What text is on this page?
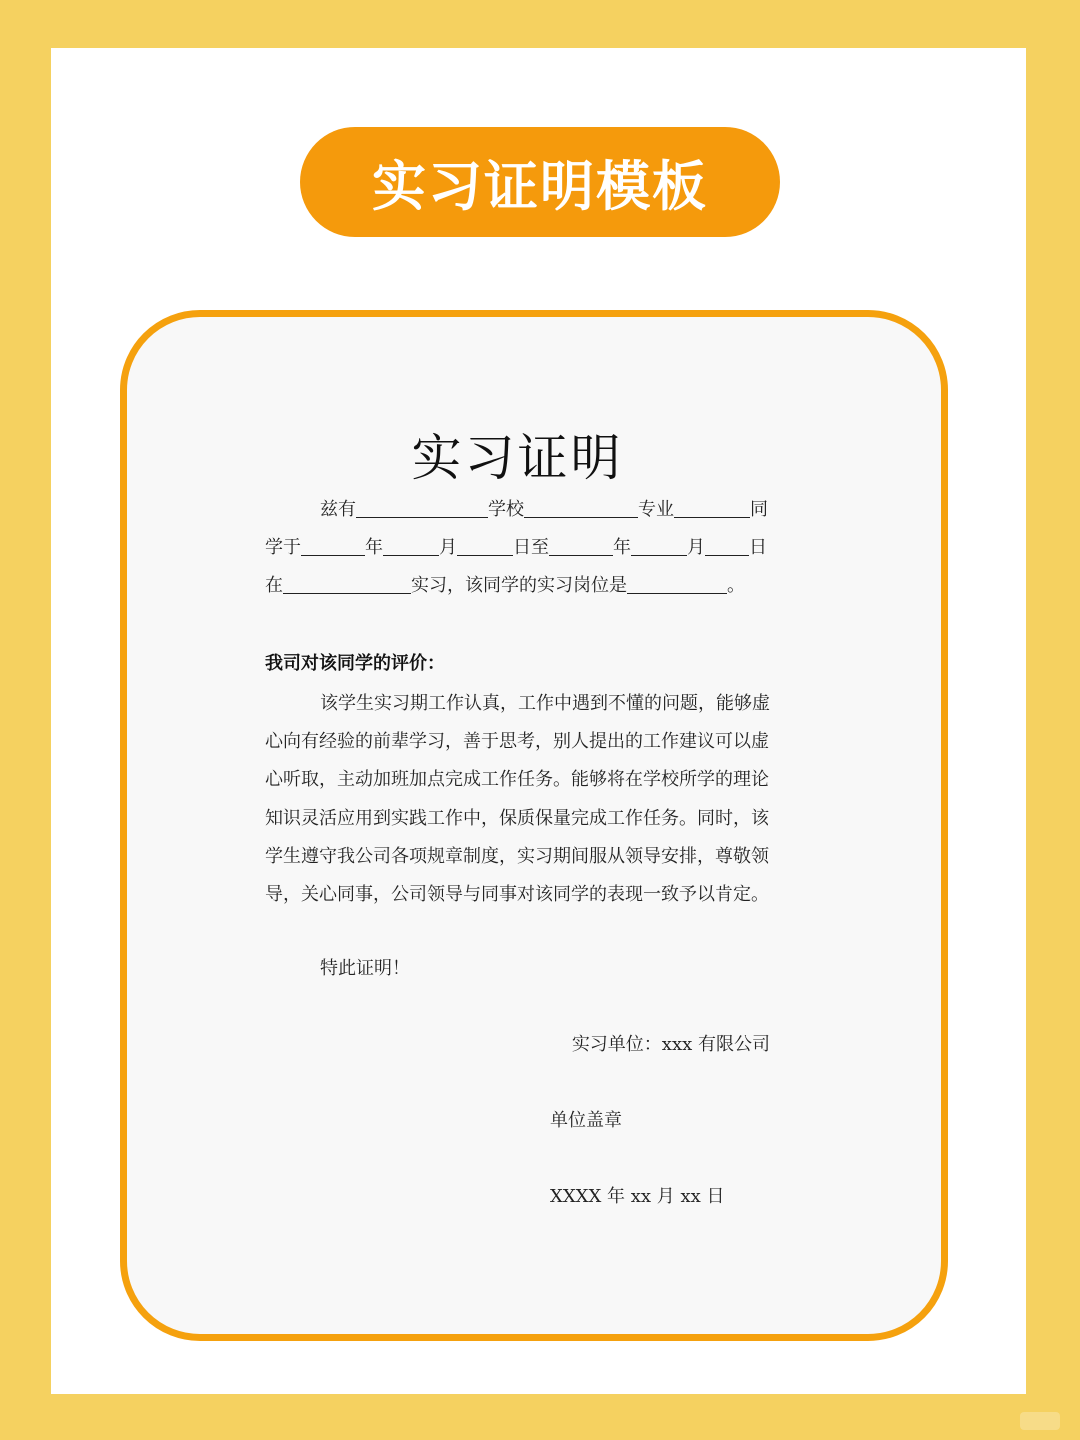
实习证明模板
实习证明
兹有	学校	专业	同
学于	年	月	日至	年	月 日
在	实习，该同学的实习岗位是	。
我司对该同学的评价：
该学生实习期工作认真，工作中遇到不懂的问题，能够虚
心向有经验的前辈学习，善于思考，别人提出的工作建议可以虚
心听取，主动加班加点完成工作任务。能够将在学校所学的理论
知识灵活应用到实践工作中，保质保量完成工作任务。同时，该
学生遵守我公司各项规章制度，实习期间服从领导安排，尊敬领
导，关心同事，公司领导与同事对该同学的表现一致予以肯定。
特此证明！
实习单位：xxx 有限公司
单位盖章
XXXX 年 xx 月 xx 日
